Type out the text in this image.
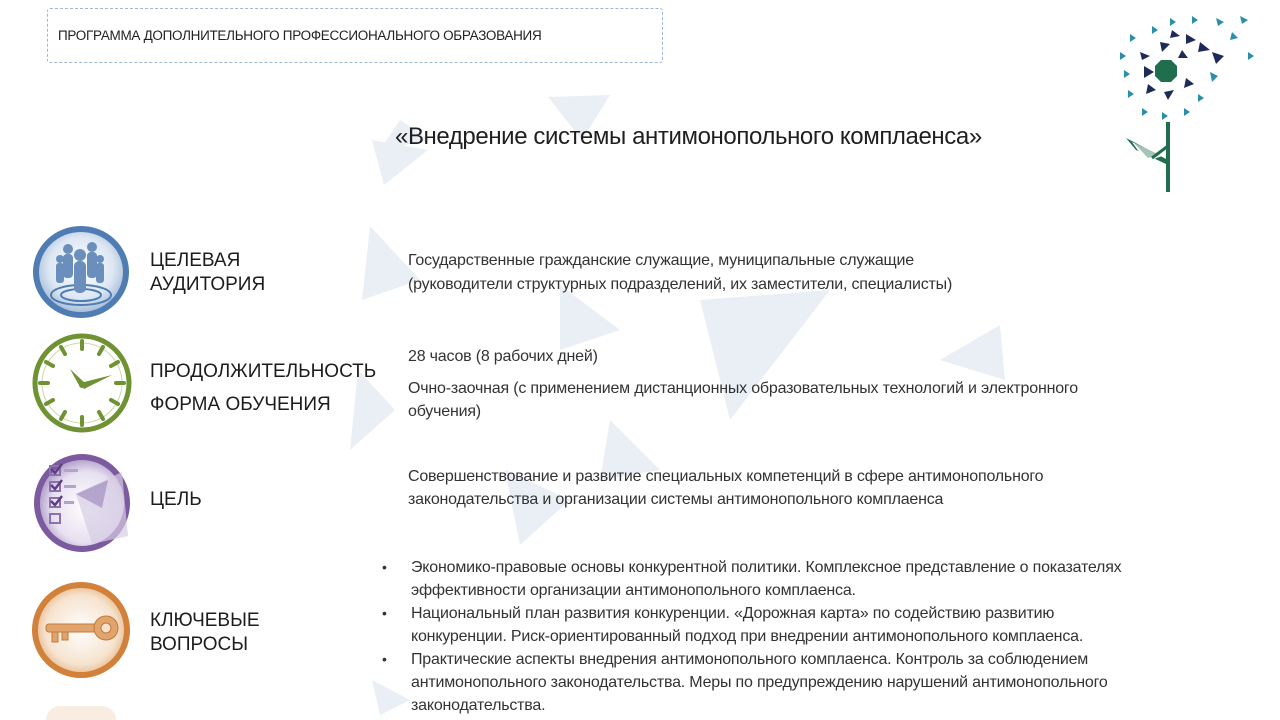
ПРОГРАММА ДОПОЛНИТЕЛЬНОГО ПРОФЕССИОНАЛЬНОГО ОБРАЗОВАНИЯ
«Внедрение системы антимонопольного комплаенса»
ЦЕЛЕВАЯ
АУДИТОРИЯ
Государственные гражданские служащие, муниципальные служащие
(руководители структурных подразделений, их заместители, специалисты)
ПРОДОЛЖИТЕЛЬНОСТЬ
ФОРМА ОБУЧЕНИЯ
28 часов (8 рабочих дней)
Очно-заочная (с применением дистанционных образовательных технологий и электронного
обучения)
ЦЕЛЬ
Совершенствование и развитие специальных компетенций в сфере антимонопольного
законодательства и организации системы антимонопольного комплаенса
КЛЮЧЕВЫЕ
ВОПРОСЫ
• Экономико-правовые основы конкурентной политики. Комплексное представление о показателях
эффективности организации антимонопольного комплаенса.
• Национальный план развития конкуренции. «Дорожная карта» по содействию развитию
конкуренции. Риск-ориентированный подход при внедрении антимонопольного комплаенса.
• Практические аспекты внедрения антимонопольного комплаенса. Контроль за соблюдением
антимонопольного законодательства. Меры по предупреждению нарушений антимонопольного
законодательства.
